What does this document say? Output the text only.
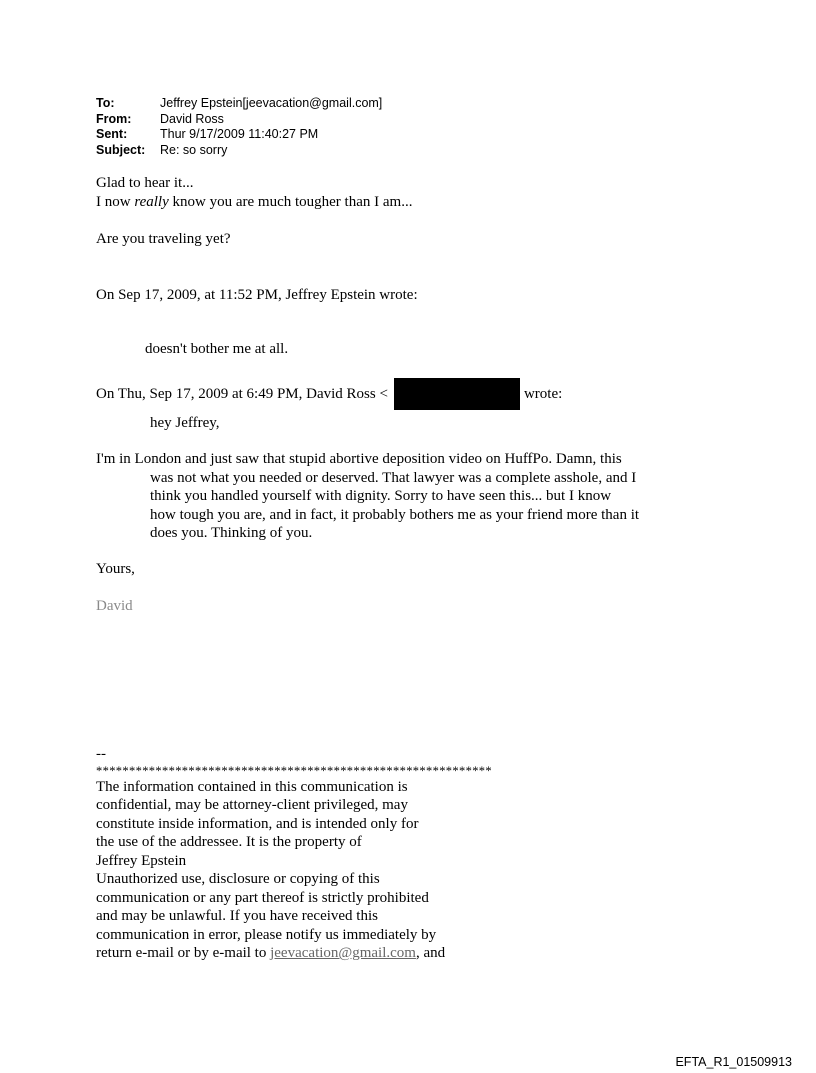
To:	Jeffrey Epstein[jeevacation@gmail.com]
From:	David Ross
Sent:	Thur 9/17/2009 11:40:27 PM
Subject:	Re: so sorry
Glad to hear it...
I now really know you are much tougher than I am...
Are you traveling yet?
On Sep 17, 2009, at 11:52 PM, Jeffrey Epstein wrote:
doesn't bother me at all.
On Thu, Sep 17, 2009 at 6:49 PM, David Ross <	wrote:
hey Jeffrey,
I'm in London and just saw that stupid abortive deposition video on HuffPo. Damn, this
was not what you needed or deserved. That lawyer was a complete asshole, and I
think you handled yourself with dignity. Sorry to have seen this... but I know
how tough you are, and in fact, it probably bothers me as your friend more than it
does you. Thinking of you.
Yours,
David
--
************************************************************
The information contained in this communication is
confidential, may be attorney-client privileged, may
constitute inside information, and is intended only for
the use of the addressee. It is the property of
Jeffrey Epstein
Unauthorized use, disclosure or copying of this
communication or any part thereof is strictly prohibited
and may be unlawful. If you have received this
communication in error, please notify us immediately by
return e-mail or by e-mail to jeevacation@gmail.com, and
EFTA_R1_01509913
